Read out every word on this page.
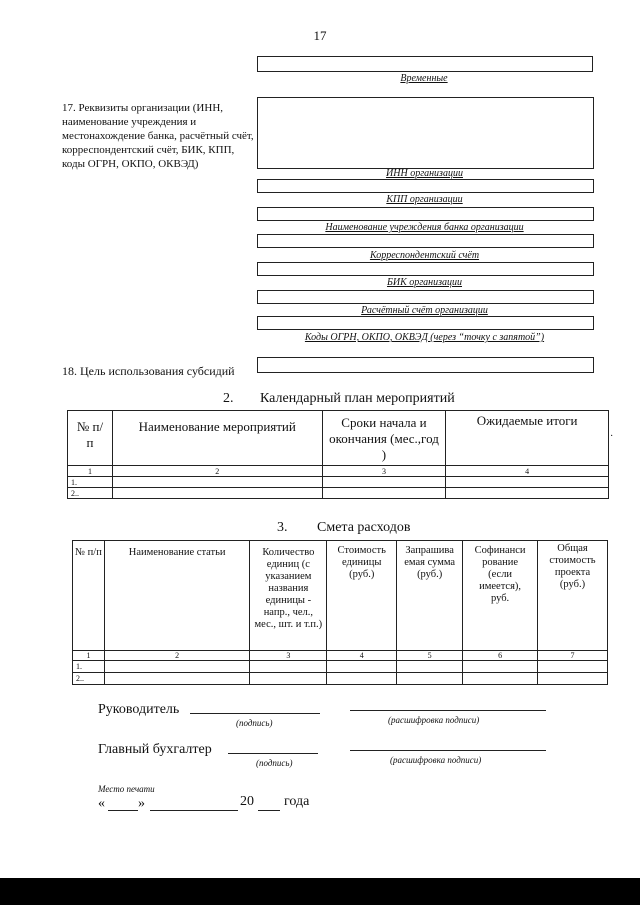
17
Временные
17. Реквизиты организации (ИНН, наименование учреждения и местонахождение банка, расчётный счёт, корреспондентский счёт, БИК, КПП, коды ОГРН, ОКПО, ОКВЭД)
ИНН организации
КПП организации
Наименование учреждения банка организации
Корреспондентский счёт
БИК организации
Расчётный счёт организации
Коды ОГРН, ОКПО, ОКВЭД (через “точку с запятой”)
18. Цель использования субсидий
2. Календарный план мероприятий
№ п/п	Наименование мероприятий	Сроки начала и окончания (мес.,год )	Ожидаемые итоги
1	2	3	4
1.			
2..			
·
3. Смета расходов
№ п/п	Наименование статьи	Количество единиц (с указанием названия единицы - напр., чел., мес., шт. и т.п.)	Стоимость единицы (руб.)	Запрашива емая сумма (руб.)	Софинанси рование (если имеется), руб.	Общая стоимость проекта (руб.)
1	2	3	4	5	6	7
1.						
2..						
Руководитель
(подпись)	(расшифровка подписи)
Главный бухгалтер
(подпись)	(расшифровка подписи)
Место печати
« »	20 года
